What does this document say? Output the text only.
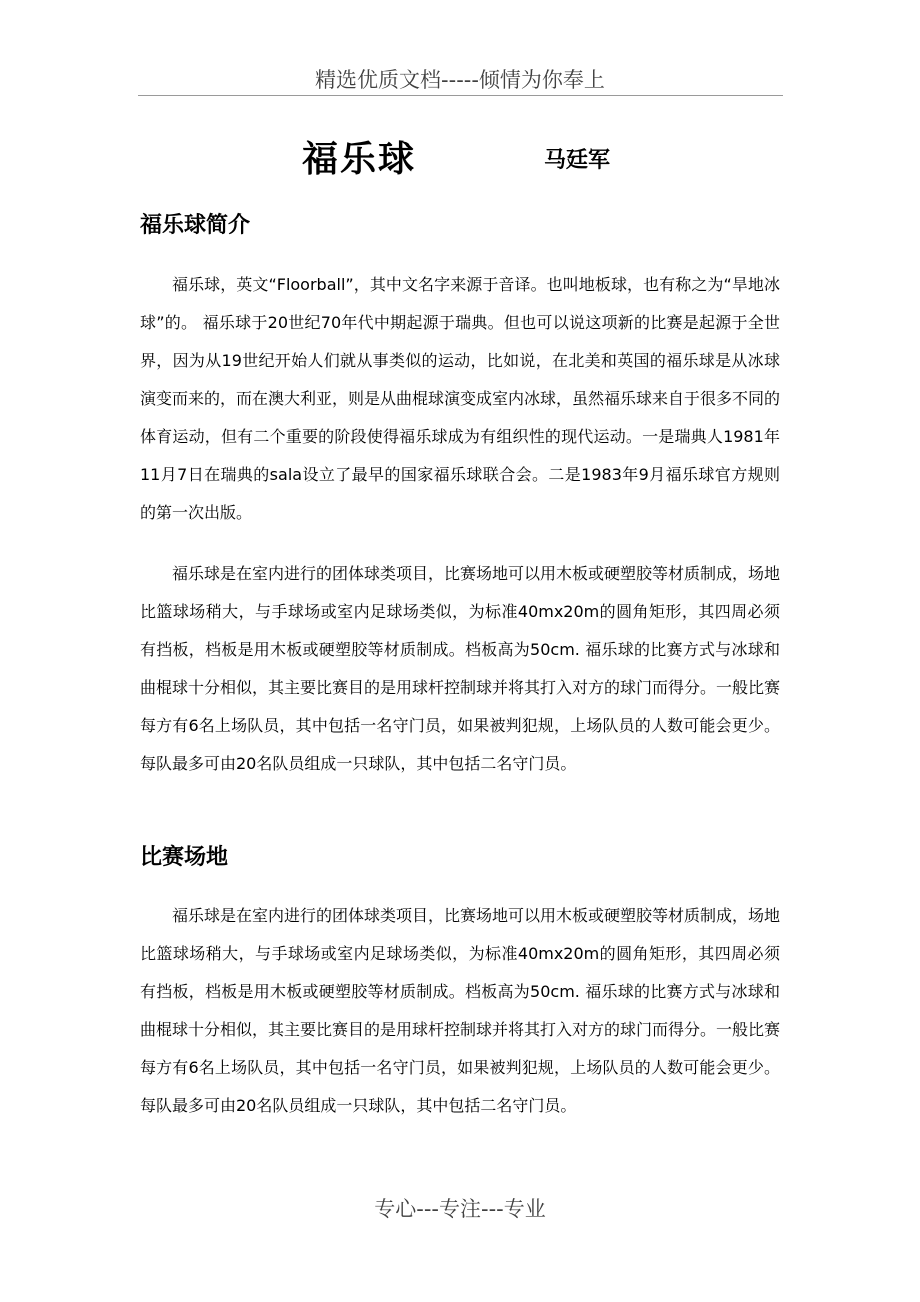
精选优质文档-----倾情为你奉上
福乐球	马廷军
福乐球简介

福乐球，英文“Floorball”，其中文名字来源于音译。也叫地板球，也有称之为“旱地冰球”的。 福乐球于20世纪70年代中期起源于瑞典。但也可以说这项新的比赛是起源于全世界，因为从19世纪开始人们就从事类似的运动，比如说，在北美和英国的福乐球是从冰球演变而来的，而在澳大利亚，则是从曲棍球演变成室内冰球，虽然福乐球来自于很多不同的体育运动，但有二个重要的阶段使得福乐球成为有组织性的现代运动。一是瑞典人1981年11月7日在瑞典的sala设立了最早的国家福乐球联合会。二是1983年9月福乐球官方规则的第一次出版。

福乐球是在室内进行的团体球类项目，比赛场地可以用木板或硬塑胶等材质制成，场地比篮球场稍大，与手球场或室内足球场类似，为标准40mx20m的圆角矩形，其四周必须有挡板，档板是用木板或硬塑胶等材质制成。档板高为50cm. 福乐球的比赛方式与冰球和曲棍球十分相似，其主要比赛目的是用球杆控制球并将其打入对方的球门而得分。一般比赛每方有6名上场队员，其中包括一名守门员，如果被判犯规，上场队员的人数可能会更少。每队最多可由20名队员组成一只球队，其中包括二名守门员。

比赛场地

福乐球是在室内进行的团体球类项目，比赛场地可以用木板或硬塑胶等材质制成，场地比篮球场稍大，与手球场或室内足球场类似，为标准40mx20m的圆角矩形，其四周必须有挡板，档板是用木板或硬塑胶等材质制成。档板高为50cm. 福乐球的比赛方式与冰球和曲棍球十分相似，其主要比赛目的是用球杆控制球并将其打入对方的球门而得分。一般比赛每方有6名上场队员，其中包括一名守门员，如果被判犯规，上场队员的人数可能会更少。每队最多可由20名队员组成一只球队，其中包括二名守门员。

专心---专注---专业
